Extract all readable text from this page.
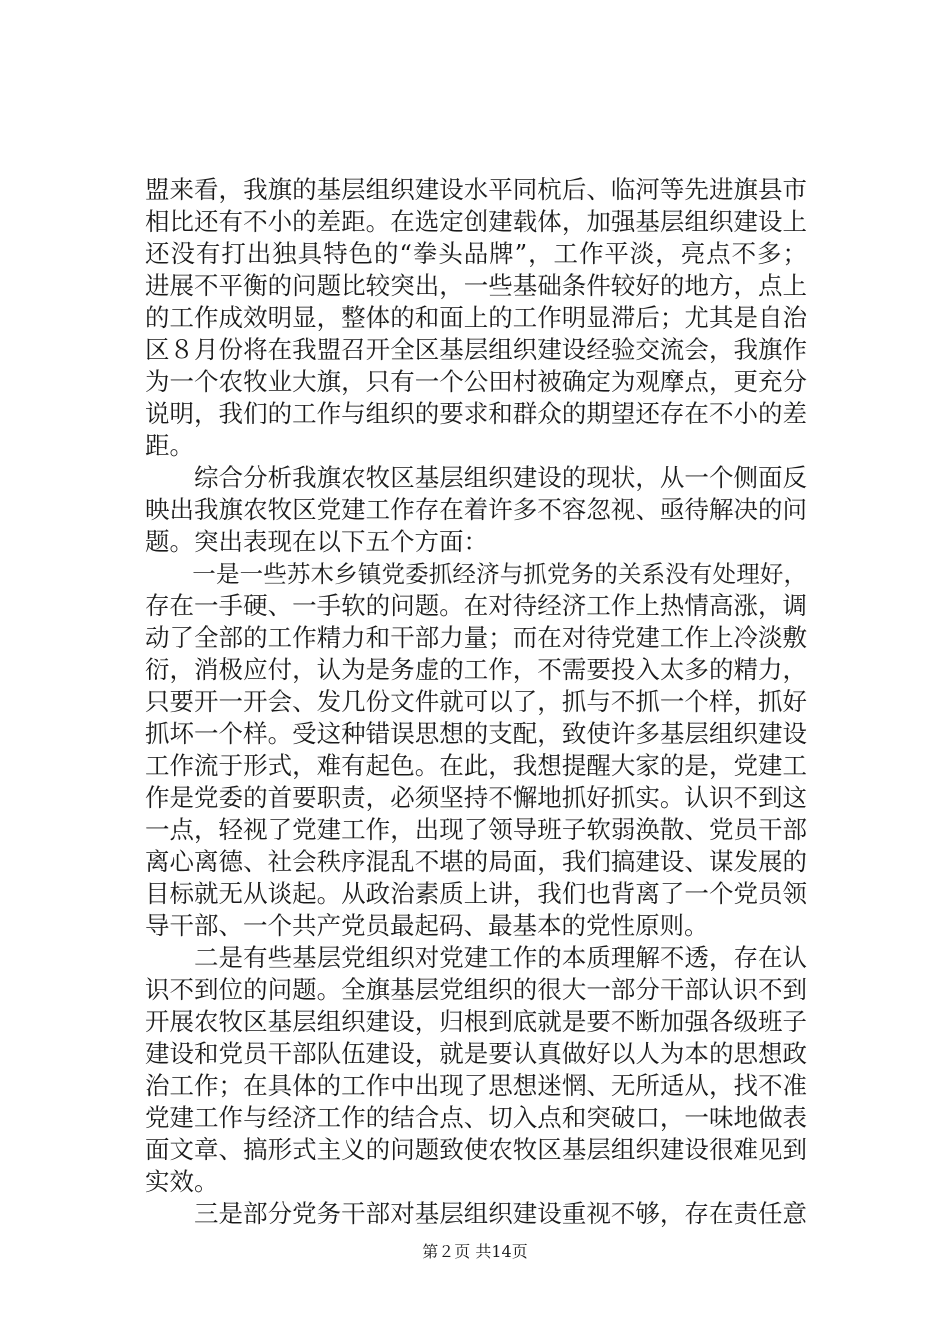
盟来看，我旗的基层组织建设水平同杭后、临河等先进旗县市
相比还有不小的差距。在选定创建载体，加强基层组织建设上
还没有打出独具特色的“拳头品牌”，工作平淡，亮点不多；
进展不平衡的问题比较突出，一些基础条件较好的地方，点上
的工作成效明显，整体的和面上的工作明显滞后；尤其是自治
区８月份将在我盟召开全区基层组织建设经验交流会，我旗作
为一个农牧业大旗，只有一个公田村被确定为观摩点，更充分
说明，我们的工作与组织的要求和群众的期望还存在不小的差
距。
　　综合分析我旗农牧区基层组织建设的现状，从一个侧面反
映出我旗农牧区党建工作存在着许多不容忽视、亟待解决的问
题。突出表现在以下五个方面：
　　一是一些苏木乡镇党委抓经济与抓党务的关系没有处理好，
存在一手硬、一手软的问题。在对待经济工作上热情高涨，调
动了全部的工作精力和干部力量；而在对待党建工作上冷淡敷
衍，消极应付，认为是务虚的工作，不需要投入太多的精力，
只要开一开会、发几份文件就可以了，抓与不抓一个样，抓好
抓坏一个样。受这种错误思想的支配，致使许多基层组织建设
工作流于形式，难有起色。在此，我想提醒大家的是，党建工
作是党委的首要职责，必须坚持不懈地抓好抓实。认识不到这
一点，轻视了党建工作，出现了领导班子软弱涣散、党员干部
离心离德、社会秩序混乱不堪的局面，我们搞建设、谋发展的
目标就无从谈起。从政治素质上讲，我们也背离了一个党员领
导干部、一个共产党员最起码、最基本的党性原则。
　　二是有些基层党组织对党建工作的本质理解不透，存在认
识不到位的问题。全旗基层党组织的很大一部分干部认识不到
开展农牧区基层组织建设，归根到底就是要不断加强各级班子
建设和党员干部队伍建设，就是要认真做好以人为本的思想政
治工作；在具体的工作中出现了思想迷惘、无所适从，找不准
党建工作与经济工作的结合点、切入点和突破口，一味地做表
面文章、搞形式主义的问题致使农牧区基层组织建设很难见到
实效。
　　三是部分党务干部对基层组织建设重视不够，存在责任意
第２页 共14页
